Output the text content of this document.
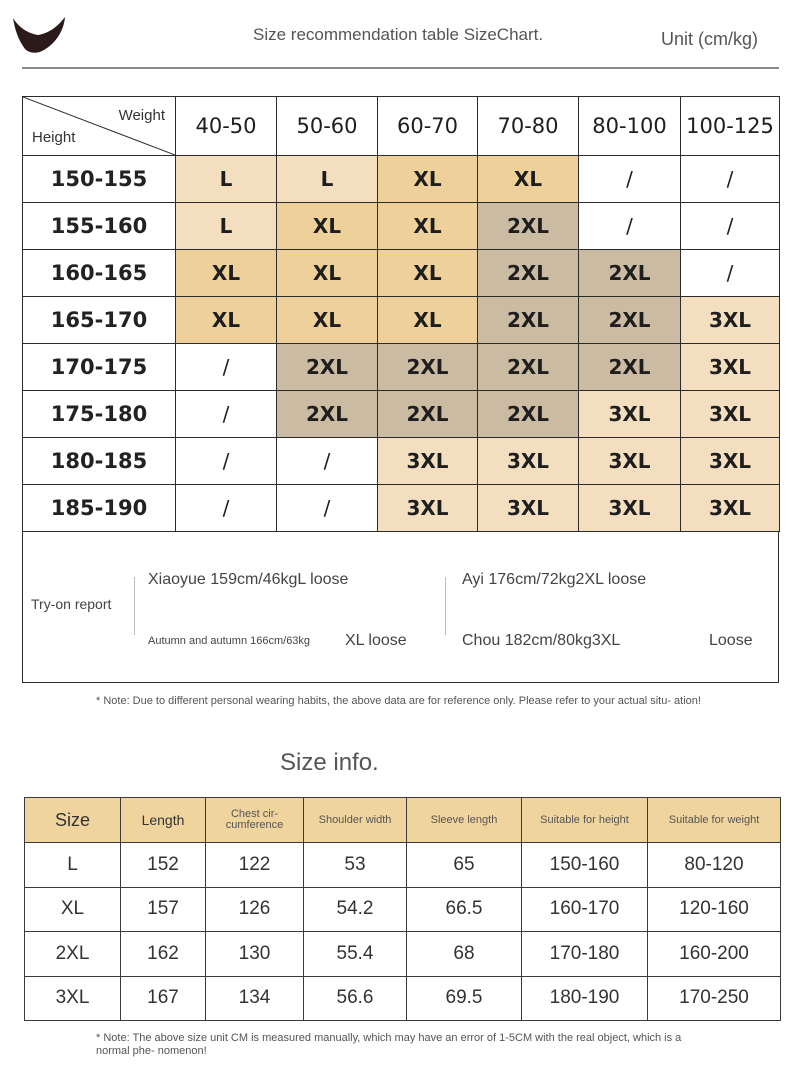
Size recommendation table SizeChart.	Unit (cm/kg)
Weight
Height	40-50	50-60	60-70	70-80	80-100	100-125
150-155	L	L	XL	XL	/	/
155-160	L	XL	XL	2XL	/	/
160-165	XL	XL	XL	2XL	2XL	/
165-170	XL	XL	XL	2XL	2XL	3XL
170-175	/	2XL	2XL	2XL	2XL	3XL
175-180	/	2XL	2XL	2XL	3XL	3XL
180-185	/	/	3XL	3XL	3XL	3XL
185-190	/	/	3XL	3XL	3XL	3XL
Try-on report
Xiaoyue 159cm/46kgL loose
Autumn and autumn 166cm/63kg XL loose
Ayi 176cm/72kg2XL loose
Chou 182cm/80kg3XL	Loose
* Note: Due to different personal wearing habits, the above data are for reference only. Please refer to your actual situ- ation!
Size info.
Size	Length	Chest cir- cumference	Shoulder width	Sleeve length	Suitable for height	Suitable for weight
L	152	122	53	65	150-160	80-120
XL	157	126	54.2	66.5	160-170	120-160
2XL	162	130	55.4	68	170-180	160-200
3XL	167	134	56.6	69.5	180-190	170-250
* Note: The above size unit CM is measured manually, which may have an error of 1-5CM with the real object, which is a normal phe- nomenon!
